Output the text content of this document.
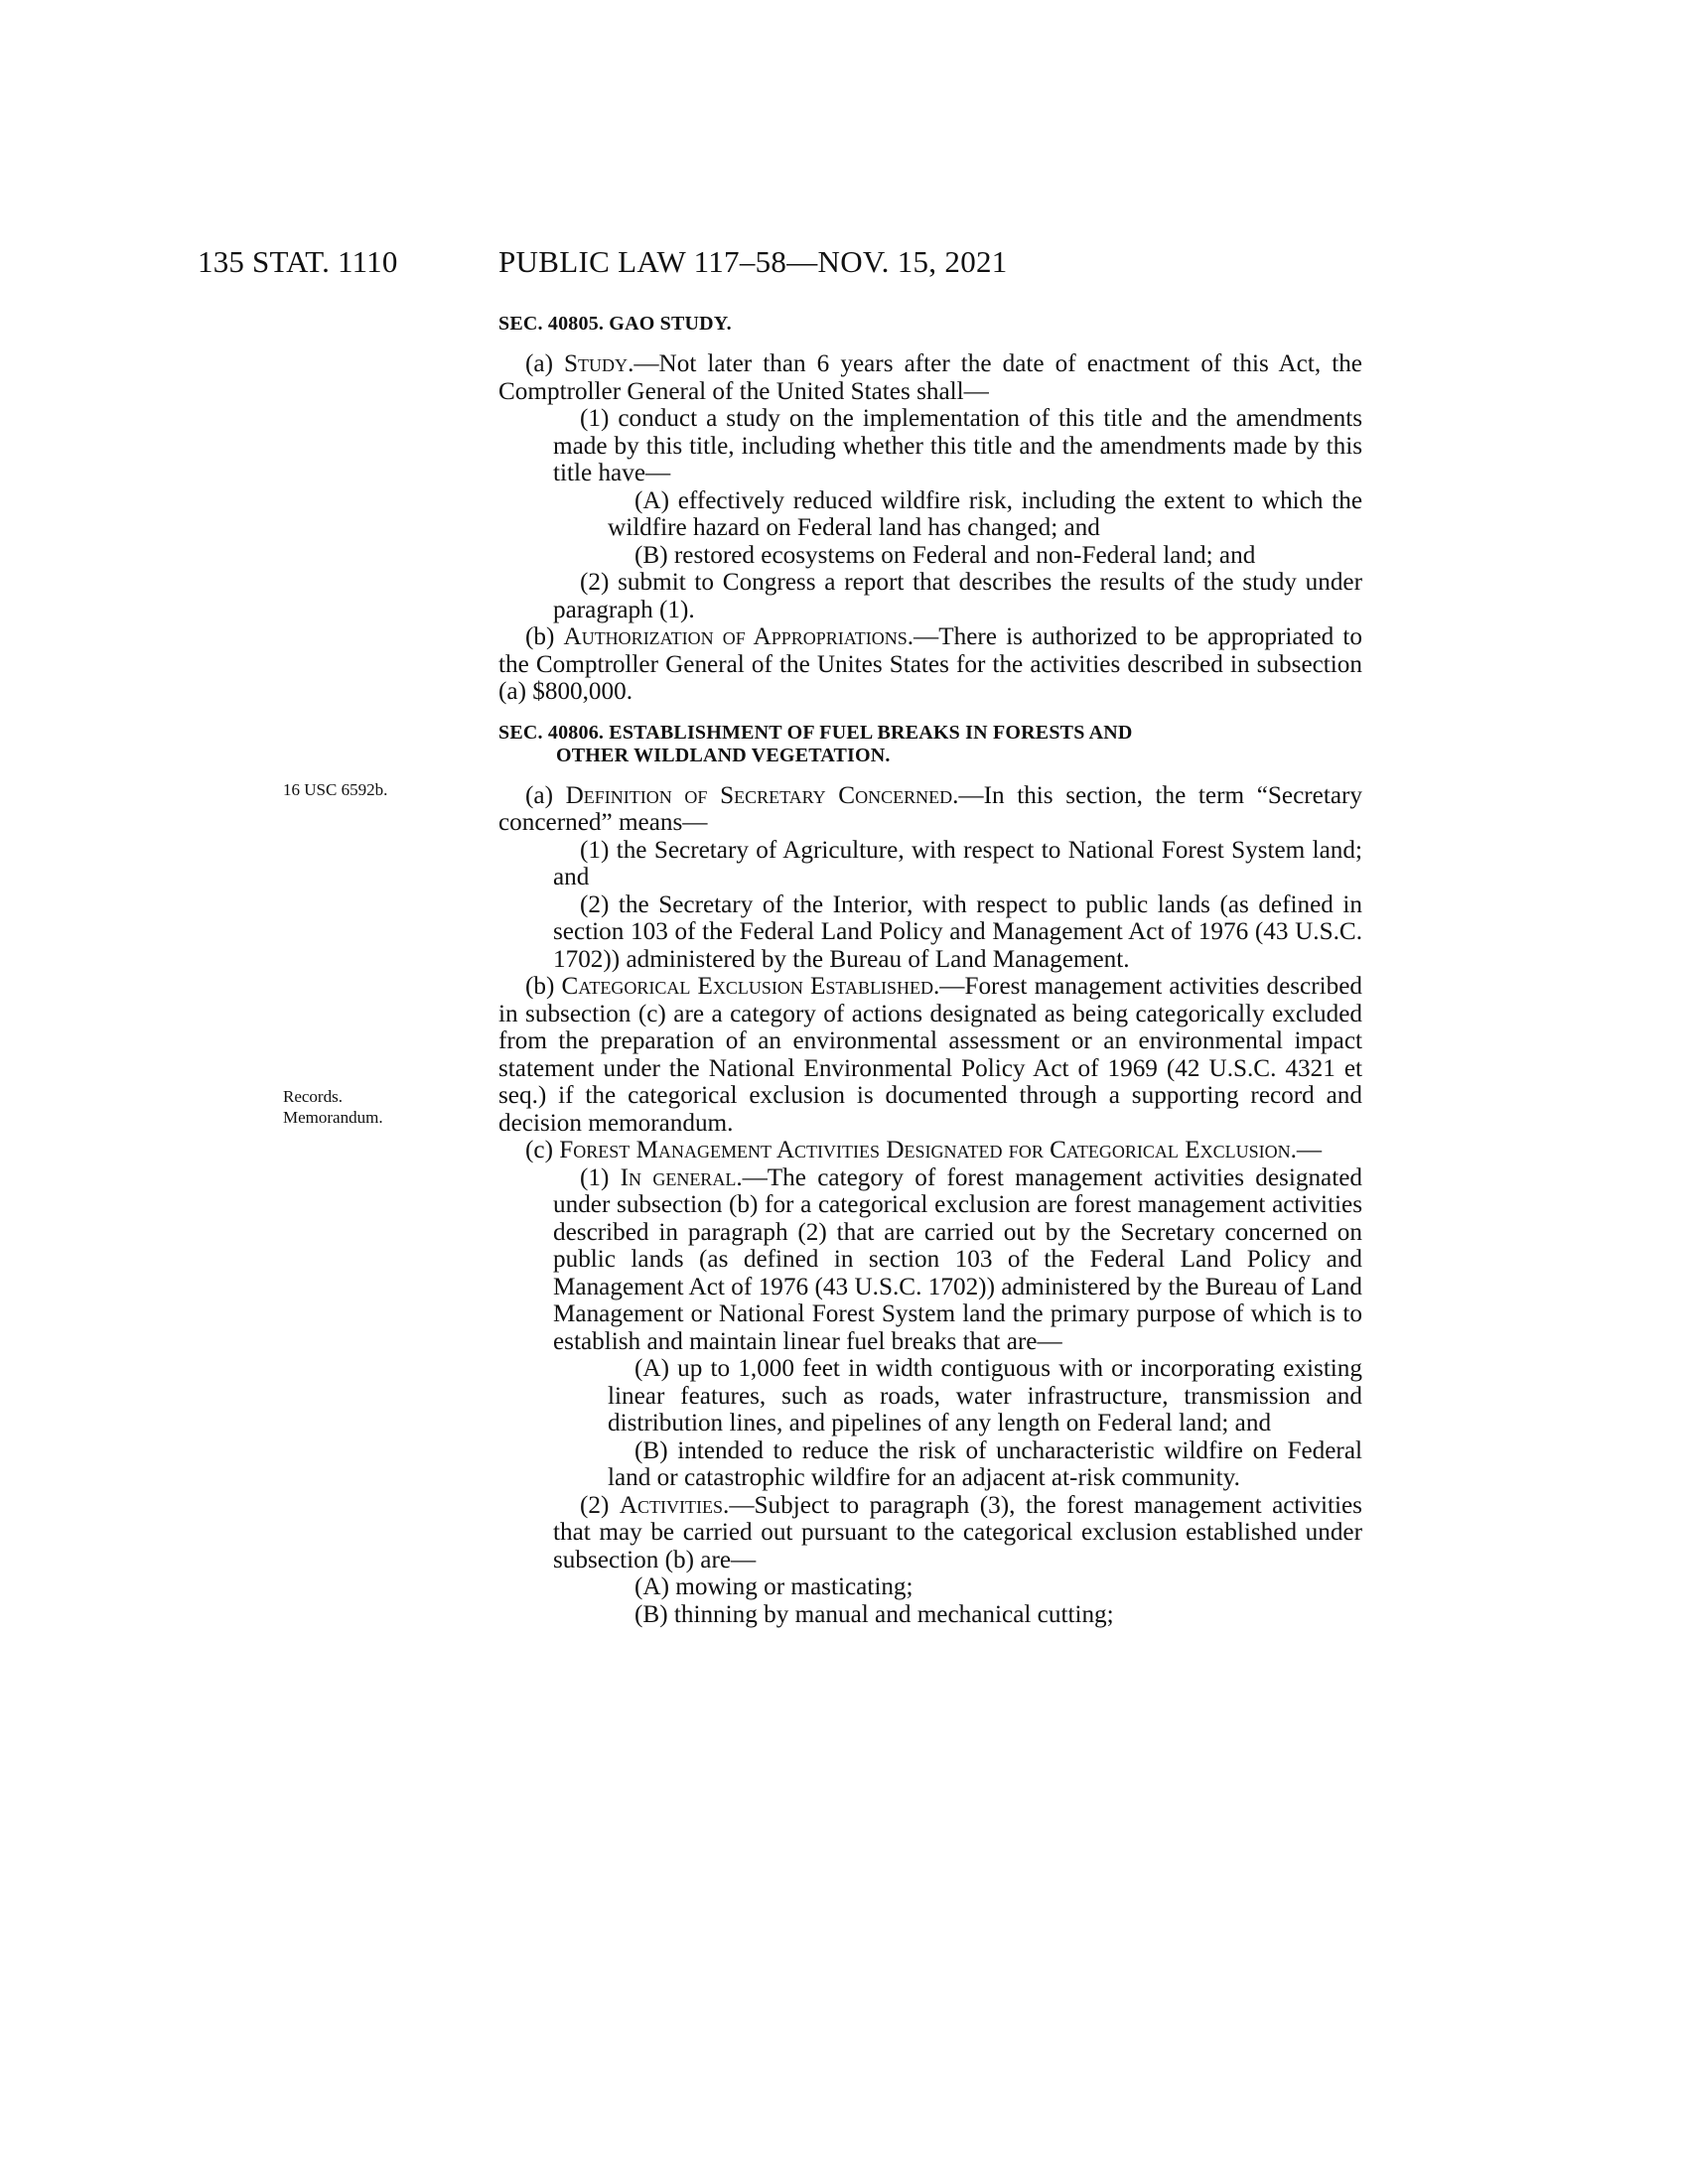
135 STAT. 1110	PUBLIC LAW 117–58—NOV. 15, 2021
16 USC 6592b.
Records.
Memorandum.
SEC. 40805. GAO STUDY.

(a) Study.—Not later than 6 years after the date of enactment of this Act, the Comptroller General of the United States shall—

(1) conduct a study on the implementation of this title and the amendments made by this title, including whether this title and the amendments made by this title have—

(A) effectively reduced wildfire risk, including the extent to which the wildfire hazard on Federal land has changed; and

(B) restored ecosystems on Federal and non-Federal land; and

(2) submit to Congress a report that describes the results of the study under paragraph (1).

(b) Authorization of Appropriations.—There is authorized to be appropriated to the Comptroller General of the Unites States for the activities described in subsection (a) $800,000.

SEC. 40806. ESTABLISHMENT OF FUEL BREAKS IN FORESTS AND
OTHER WILDLAND VEGETATION.

(a) Definition of Secretary Concerned.—In this section, the term “Secretary concerned” means—

(1) the Secretary of Agriculture, with respect to National Forest System land; and

(2) the Secretary of the Interior, with respect to public lands (as defined in section 103 of the Federal Land Policy and Management Act of 1976 (43 U.S.C. 1702)) administered by the Bureau of Land Management.

(b) Categorical Exclusion Established.—Forest management activities described in subsection (c) are a category of actions designated as being categorically excluded from the preparation of an environmental assessment or an environmental impact statement under the National Environmental Policy Act of 1969 (42 U.S.C. 4321 et seq.) if the categorical exclusion is documented through a supporting record and decision memorandum.

(c) Forest Management Activities Designated for Categorical Exclusion.—

(1) In general.—The category of forest management activities designated under subsection (b) for a categorical exclusion are forest management activities described in paragraph (2) that are carried out by the Secretary concerned on public lands (as defined in section 103 of the Federal Land Policy and Management Act of 1976 (43 U.S.C. 1702)) administered by the Bureau of Land Management or National Forest System land the primary purpose of which is to establish and maintain linear fuel breaks that are—

(A) up to 1,000 feet in width contiguous with or incorporating existing linear features, such as roads, water infrastructure, transmission and distribution lines, and pipelines of any length on Federal land; and

(B) intended to reduce the risk of uncharacteristic wildfire on Federal land or catastrophic wildfire for an adjacent at-risk community.

(2) Activities.—Subject to paragraph (3), the forest management activities that may be carried out pursuant to the categorical exclusion established under subsection (b) are—

(A) mowing or masticating;

(B) thinning by manual and mechanical cutting;
